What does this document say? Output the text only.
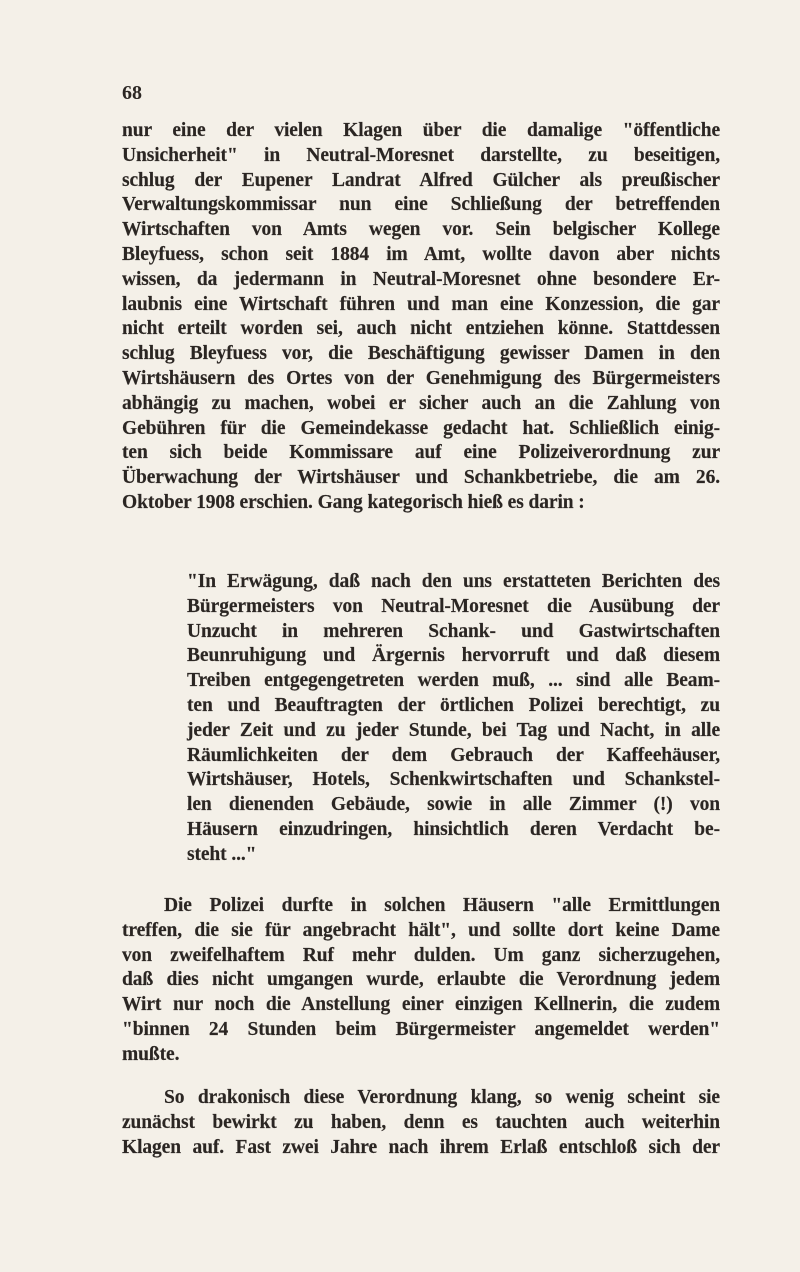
68
nur eine der vielen Klagen über die damalige "öffentliche
Unsicherheit" in Neutral-Moresnet darstellte, zu beseitigen,
schlug der Eupener Landrat Alfred Gülcher als preußischer
Verwaltungskommissar nun eine Schließung der betreffenden
Wirtschaften von Amts wegen vor. Sein belgischer Kollege
Bleyfuess, schon seit 1884 im Amt, wollte davon aber nichts
wissen, da jedermann in Neutral-Moresnet ohne besondere Er-
laubnis eine Wirtschaft führen und man eine Konzession, die gar
nicht erteilt worden sei, auch nicht entziehen könne. Stattdessen
schlug Bleyfuess vor, die Beschäftigung gewisser Damen in den
Wirtshäusern des Ortes von der Genehmigung des Bürgermeisters
abhängig zu machen, wobei er sicher auch an die Zahlung von
Gebühren für die Gemeindekasse gedacht hat. Schließlich einig-
ten sich beide Kommissare auf eine Polizeiverordnung zur
Überwachung der Wirtshäuser und Schankbetriebe, die am 26.
Oktober 1908 erschien. Gang kategorisch hieß es darin :
"In Erwägung, daß nach den uns erstatteten Berichten des
Bürgermeisters von Neutral-Moresnet die Ausübung der
Unzucht in mehreren Schank- und Gastwirtschaften
Beunruhigung und Ärgernis hervorruft und daß diesem
Treiben entgegengetreten werden muß, ... sind alle Beam-
ten und Beauftragten der örtlichen Polizei berechtigt, zu
jeder Zeit und zu jeder Stunde, bei Tag und Nacht, in alle
Räumlichkeiten der dem Gebrauch der Kaffeehäuser,
Wirtshäuser, Hotels, Schenkwirtschaften und Schankstel-
len dienenden Gebäude, sowie in alle Zimmer (!) von
Häusern einzudringen, hinsichtlich deren Verdacht be-
steht ..."
Die Polizei durfte in solchen Häusern "alle Ermittlungen
treffen, die sie für angebracht hält", und sollte dort keine Dame
von zweifelhaftem Ruf mehr dulden. Um ganz sicherzugehen,
daß dies nicht umgangen wurde, erlaubte die Verordnung jedem
Wirt nur noch die Anstellung einer einzigen Kellnerin, die zudem
"binnen 24 Stunden beim Bürgermeister angemeldet werden"
mußte.
So drakonisch diese Verordnung klang, so wenig scheint sie
zunächst bewirkt zu haben, denn es tauchten auch weiterhin
Klagen auf. Fast zwei Jahre nach ihrem Erlaß entschloß sich der
